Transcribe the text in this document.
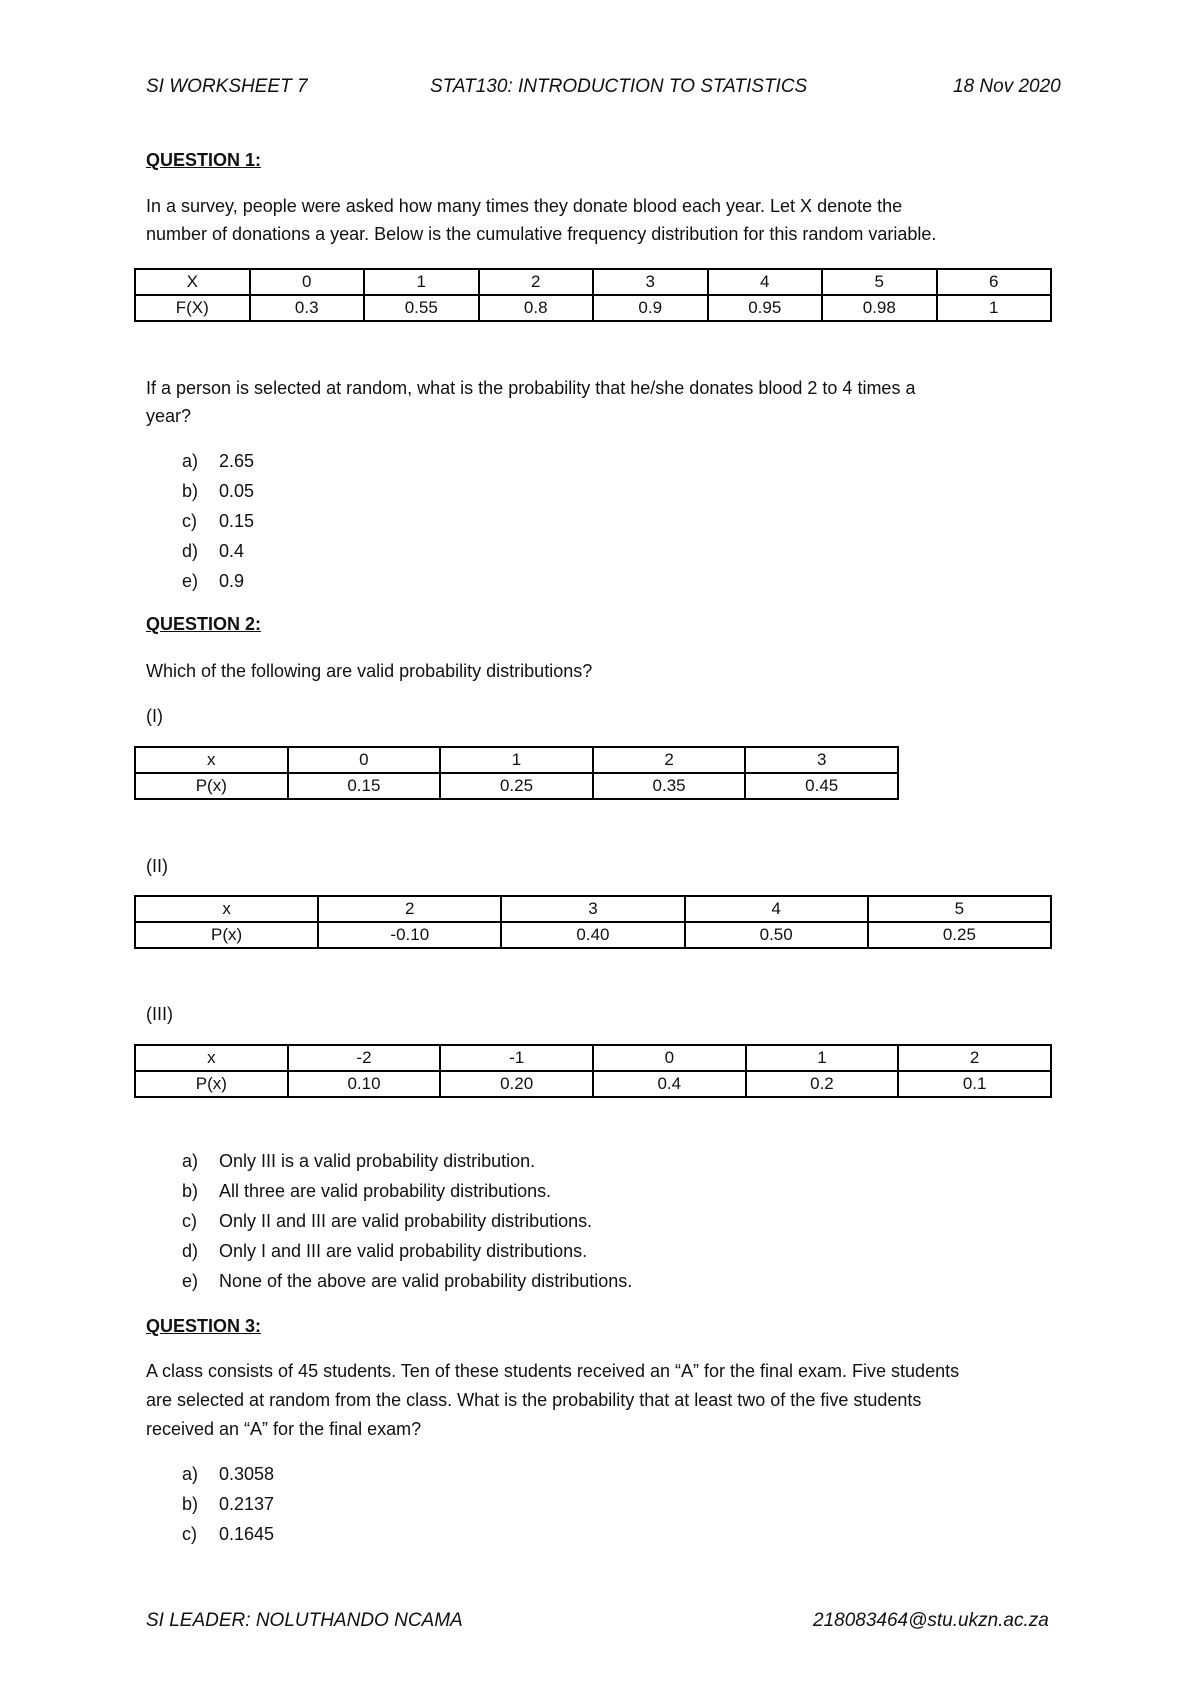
SI WORKSHEET 7	STAT130: INTRODUCTION TO STATISTICS	18 Nov 2020
QUESTION 1:
In a survey, people were asked how many times they donate blood each year. Let X denote the
number of donations a year. Below is the cumulative frequency distribution for this random variable.
X	0	1	2	3	4	5	6
F(X)	0.3	0.55	0.8	0.9	0.95	0.98	1
If a person is selected at random, what is the probability that he/she donates blood 2 to 4 times a
year?
a) 2.65
b) 0.05
c) 0.15
d) 0.4
e) 0.9
QUESTION 2:
Which of the following are valid probability distributions?
(I)
x	0	1	2	3
P(x)	0.15	0.25	0.35	0.45
(II)
x	2	3	4	5
P(x)	-0.10	0.40	0.50	0.25
(III)
x	-2	-1	0	1	2
P(x)	0.10	0.20	0.4	0.2	0.1
a) Only III is a valid probability distribution.
b) All three are valid probability distributions.
c) Only II and III are valid probability distributions.
d) Only I and III are valid probability distributions.
e) None of the above are valid probability distributions.
QUESTION 3:
A class consists of 45 students. Ten of these students received an “A” for the final exam. Five students
are selected at random from the class. What is the probability that at least two of the five students
received an “A” for the final exam?
a) 0.3058
b) 0.2137
c) 0.1645
SI LEADER: NOLUTHANDO NCAMA	218083464@stu.ukzn.ac.za
